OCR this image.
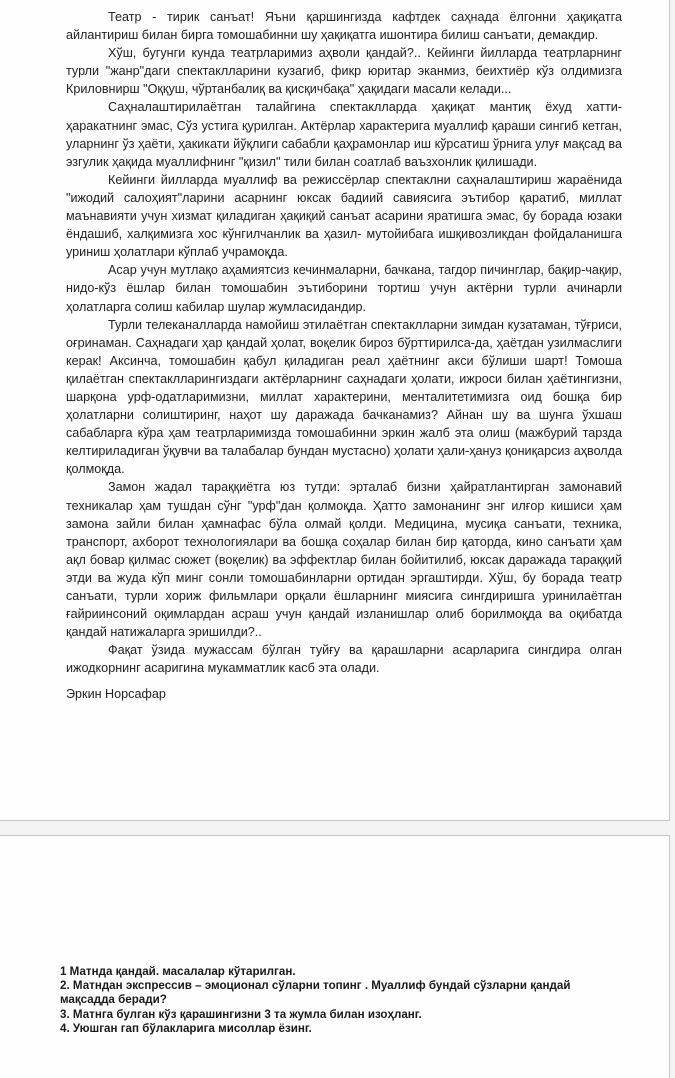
Театр - тирик санъат! Яъни қаршингизда кафтдек саҳнада ёлгонни ҳақиқатга айлантириш билан бирга томошабинни шу ҳақиқатга ишонтира билиш санъати, демакдир.

Хўш, бугунги кунда театрларимиз аҳволи қандай?.. Кейинги йилларда театрларнинг турли "жанр"даги спектаклларини кузагиб, фикр юритар эканмиз, беихтиёр кўз олдимизга Криловнирш "Оққуш, чўртанбалиқ ва қисқичбақа" ҳақидаги масали келади...

Саҳналаштирилаётган талайгина спектаклларда ҳақиқат мантиқ ёхуд хатти-ҳаракатнинг эмас, Сўз устига қурилган. Актёрлар характерига муаллиф қараши сингиб кетган, уларнинг ўз ҳаёти, ҳакикати йўқлиги сабабли қаҳрамонлар иш кўрсатиш ўрнига улуғ мақсад ва эзгулик ҳақида муаллифнинг "қизил" тили билан соатлаб ваъзхонлик қилишади.

Кейинги йилларда муаллиф ва режиссёрлар спектаклни саҳналаштириш жараёнида "ижодий салоҳият"ларини асарнинг юксак бадиий савиясига эътибор қаратиб, миллат маънавияти учун хизмат қиладиган ҳақиқий санъат асарини яратишга эмас, бу борада юзаки ёндашиб, халқимизга хос кўнгилчанлик ва ҳазил- мутойибага ишқивозликдан фойдаланишга уриниш ҳолатлари кўплаб учрамоқда.

Асар учун мутлақо аҳамиятсиз кечинмаларни, бачкана, тагдор пичинглар, бақир-чақир, нидо-кўз ёшлар билан томошабин эътиборини тортиш учун актёрни турли ачинарли ҳолатларга солиш кабилар шулар жумласидандир.

Турли телеканалларда намойиш этилаётган спектаклларни зимдан кузатаман, тўғриси, оғринаман. Саҳнадаги ҳар қандай ҳолат, воқелик бироз бўрттирилса-да, ҳаётдан узилмаслиги керак! Аксинча, томошабин қабул қиладиган реал ҳаётнинг акси бўлиши шарт! Томоша қилаётган спектаклларингиздаги актёрларнинг саҳнадаги ҳолати, ижроси билан ҳаётингизни, шарқона урф-одатларимизни, миллат характерини, менталитетимизга оид бошқа бир ҳолатларни солиштиринг, наҳот шу даражада бачканамиз? Айнан шу ва шунга ўхшаш сабабларга кўра ҳам театрларимизда томошабинни эркин жалб эта олиш (мажбурий тарзда келтириладиган ўқувчи ва талабалар бундан мустасно) ҳолати ҳали-ҳануз қониқарсиз аҳволда қолмоқда.

Замон жадал тараққиётга юз тутди: эрталаб бизни ҳайратлантирган замонавий техникалар ҳам тушдан сўнг "урф"дан қолмоқда. Ҳатто замонанинг энг илғор кишиси ҳам замона зайли билан ҳамнафас бўла олмай қолди. Медицина, мусиқа санъати, техника, транспорт, ахборот технологиялари ва бошқа соҳалар билан бир қаторда, кино санъати ҳам ақл бовар қилмас сюжет (воқелик) ва эффектлар билан бойитилиб, юксак даражада тараққий этди ва жуда кўп минг сонли томошабинларни ортидан эргаштирди. Хўш, бу борада театр санъати, турли хориж фильмлари орқали ёшларнинг миясига сингдиришга уринилаётган ғайриинсоний оқимлардан асраш учун қандай изланишлар олиб борилмоқда ва оқибатда қандай натижаларга эришилди?..

Фақат ўзида мужассам бўлган туйғу ва қарашларни асарларига сингдира олган ижодкорнинг асаригина мукамматлик касб эта олади.

Эркин Норсафар

1 Матнда қандай. масалалар кўтарилган.
2. Матндан экспрессив – эмоционал сўларни топинг . Муаллиф бундай сўзларни қандай мақсадда беради?
3. Матнга булган кўз қарашингизни 3 та жумла билан изоҳланг.
4. Уюшган гап бўлакларига мисоллар ёзинг.
